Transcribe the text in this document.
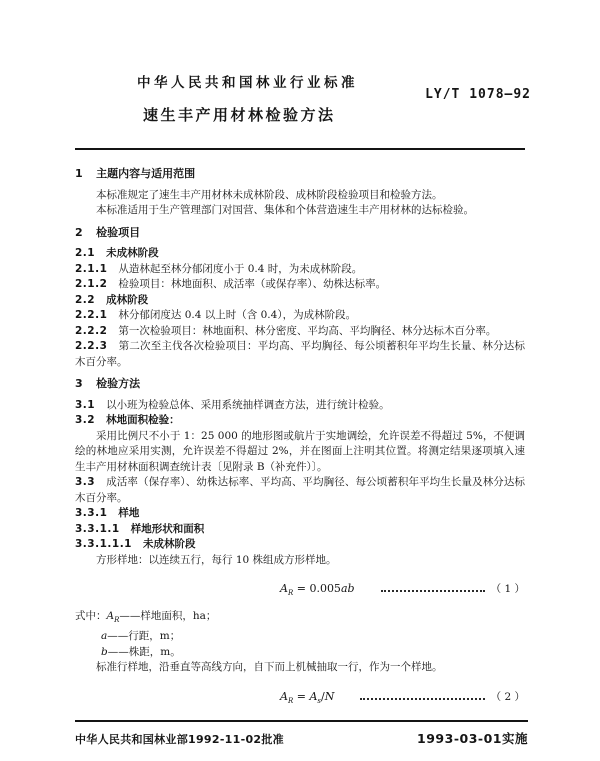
中华人民共和国林业行业标准
LY/T 1078—92
速生丰产用材林检验方法
1 主题内容与适用范围
本标准规定了速生丰产用材林未成林阶段、成林阶段检验项目和检验方法。
本标准适用于生产管理部门对国营、集体和个体营造速生丰产用材林的达标检验。
2 检验项目
2.1 未成林阶段
2.1.1 从造林起至林分郁闭度小于 0.4 时，为未成林阶段。
2.1.2 检验项目：林地面积、成活率（或保存率）、幼株达标率。
2.2 成林阶段
2.2.1 林分郁闭度达 0.4 以上时（含 0.4），为成林阶段。
2.2.2 第一次检验项目：林地面积、林分密度、平均高、平均胸径、林分达标木百分率。
2.2.3 第二次至主伐各次检验项目：平均高、平均胸径、每公顷蓄积年平均生长量、林分达标木百分率。
3 检验方法
3.1 以小班为检验总体、采用系统抽样调查方法，进行统计检验。
3.2 林地面积检验：
采用比例尺不小于 1：25 000 的地形图或航片于实地调绘，允许误差不得超过 5%，不便调绘的林地应采用实测，允许误差不得超过 2%，并在图面上注明其位置。将测定结果逐项填入速生丰产用材林面积调查统计表〔见附录 B（补充件）〕。
3.3 成活率（保存率）、幼株达标率、平均高、平均胸径、每公顷蓄积年平均生长量及林分达标木百分率。
3.3.1 样地
3.3.1.1 样地形状和面积
3.3.1.1.1 未成林阶段
方形样地：以连续五行，每行 10 株组成方形样地。
$A_R = 0.005ab$	（ 1 ）
式中：$A_R——$样地面积，ha；
a——行距，m；
b——株距，m。
标准行样地，沿垂直等高线方向，自下而上机械抽取一行，作为一个样地。
$A_R = A_s/N$	（ 2 ）
中华人民共和国林业部1992-11-02批准	1993-03-01实施
